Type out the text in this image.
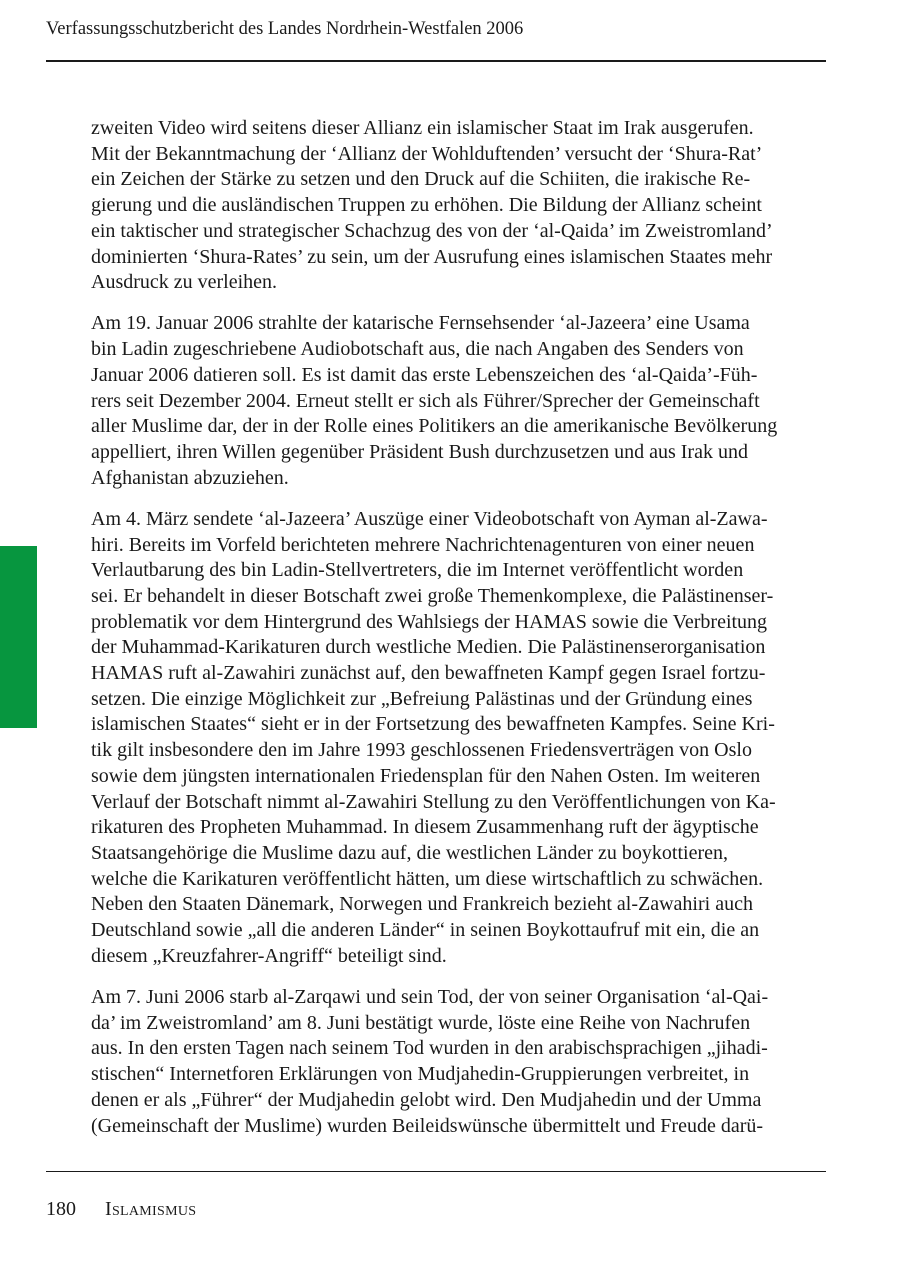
Verfassungsschutzbericht des Landes Nordrhein-Westfalen 2006

zweiten Video wird seitens dieser Allianz ein islamischer Staat im Irak ausgerufen.
Mit der Bekanntmachung der ‘Allianz der Wohlduftenden’ versucht der ‘Shura-Rat’
ein Zeichen der Stärke zu setzen und den Druck auf die Schiiten, die irakische Re-
gierung und die ausländischen Truppen zu erhöhen. Die Bildung der Allianz scheint
ein taktischer und strategischer Schachzug des von der ‘al-Qaida’ im Zweistromland’
dominierten ‘Shura-Rates’ zu sein, um der Ausrufung eines islamischen Staates mehr
Ausdruck zu verleihen.

Am 19. Januar 2006 strahlte der katarische Fernsehsender ‘al-Jazeera’ eine Usama
bin Ladin zugeschriebene Audiobotschaft aus, die nach Angaben des Senders von
Januar 2006 datieren soll. Es ist damit das erste Lebenszeichen des ‘al-Qaida’-Füh-
rers seit Dezember 2004. Erneut stellt er sich als Führer/Sprecher der Gemeinschaft
aller Muslime dar, der in der Rolle eines Politikers an die amerikanische Bevölkerung
appelliert, ihren Willen gegenüber Präsident Bush durchzusetzen und aus Irak und
Afghanistan abzuziehen.

Am 4. März sendete ‘al-Jazeera’ Auszüge einer Videobotschaft von Ayman al-Zawa-
hiri. Bereits im Vorfeld berichteten mehrere Nachrichtenagenturen von einer neuen
Verlautbarung des bin Ladin-Stellvertreters, die im Internet veröffentlicht worden
sei. Er behandelt in dieser Botschaft zwei große Themenkomplexe, die Palästinenser-
problematik vor dem Hintergrund des Wahlsiegs der HAMAS sowie die Verbreitung
der Muhammad-Karikaturen durch westliche Medien. Die Palästinenserorganisation
HAMAS ruft al-Zawahiri zunächst auf, den bewaffneten Kampf gegen Israel fortzu-
setzen. Die einzige Möglichkeit zur „Befreiung Palästinas und der Gründung eines
islamischen Staates“ sieht er in der Fortsetzung des bewaffneten Kampfes. Seine Kri-
tik gilt insbesondere den im Jahre 1993 geschlossenen Friedensverträgen von Oslo
sowie dem jüngsten internationalen Friedensplan für den Nahen Osten. Im weiteren
Verlauf der Botschaft nimmt al-Zawahiri Stellung zu den Veröffentlichungen von Ka-
rikaturen des Propheten Muhammad. In diesem Zusammenhang ruft der ägyptische
Staatsangehörige die Muslime dazu auf, die westlichen Länder zu boykottieren,
welche die Karikaturen veröffentlicht hätten, um diese wirtschaftlich zu schwächen.
Neben den Staaten Dänemark, Norwegen und Frankreich bezieht al-Zawahiri auch
Deutschland sowie „all die anderen Länder“ in seinen Boykottaufruf mit ein, die an
diesem „Kreuzfahrer-Angriff“ beteiligt sind.

Am 7. Juni 2006 starb al-Zarqawi und sein Tod, der von seiner Organisation ‘al-Qai-
da’ im Zweistromland’ am 8. Juni bestätigt wurde, löste eine Reihe von Nachrufen
aus. In den ersten Tagen nach seinem Tod wurden in den arabischsprachigen „jihadi-
stischen“ Internetforen Erklärungen von Mudjahedin-Gruppierungen verbreitet, in
denen er als „Führer“ der Mudjahedin gelobt wird. Den Mudjahedin und der Umma
(Gemeinschaft der Muslime) wurden Beileidswünsche übermittelt und Freude darü-

180 Islamismus
